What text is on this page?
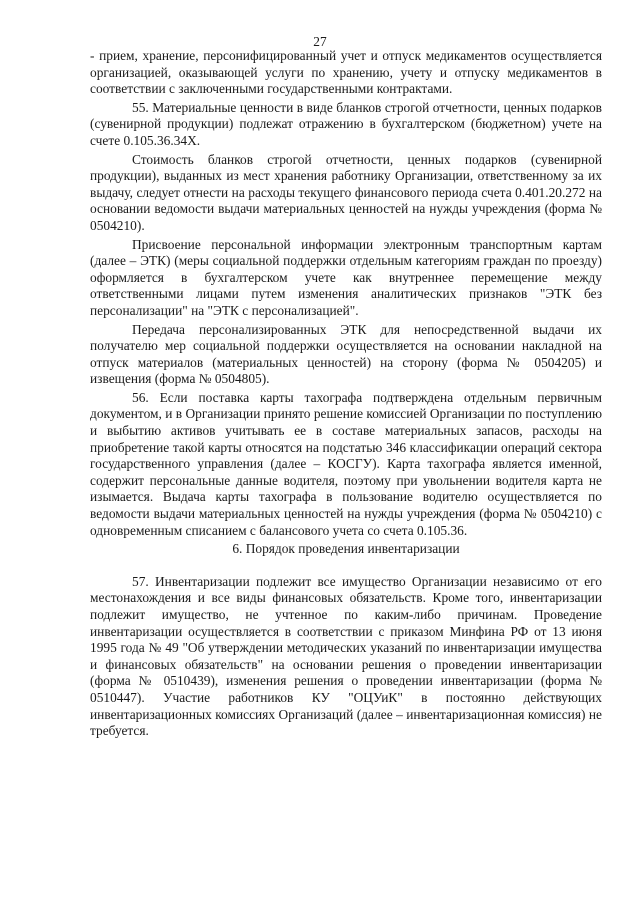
27

- прием, хранение, персонифицированный учет и отпуск медикаментов осуществляется организацией, оказывающей услуги по хранению, учету и отпуску медикаментов в соответствии с заключенными государственными контрактами.

55. Материальные ценности в виде бланков строгой отчетности, ценных подарков (сувенирной продукции) подлежат отражению в бухгалтерском (бюджетном) учете на счете 0.105.36.34Х.

Стоимость бланков строгой отчетности, ценных подарков (сувенирной продукции), выданных из мест хранения работнику Организации, ответственному за их выдачу, следует отнести на расходы текущего финансового периода счета 0.401.20.272 на основании ведомости выдачи материальных ценностей на нужды учреждения (форма № 0504210).

Присвоение персональной информации электронным транспортным картам (далее – ЭТК) (меры социальной поддержки отдельным категориям граждан по проезду) оформляется в бухгалтерском учете как внутреннее перемещение между ответственными лицами путем изменения аналитических признаков "ЭТК без персонализации" на "ЭТК с персонализацией".

Передача персонализированных ЭТК для непосредственной выдачи их получателю мер социальной поддержки осуществляется на основании накладной на отпуск материалов (материальных ценностей) на сторону (форма № 0504205) и извещения (форма № 0504805).

56. Если поставка карты тахографа подтверждена отдельным первичным документом, и в Организации принято решение комиссией Организации по поступлению и выбытию активов учитывать ее в составе материальных запасов, расходы на приобретение такой карты относятся на подстатью 346 классификации операций сектора государственного управления (далее – КОСГУ). Карта тахографа является именной, содержит персональные данные водителя, поэтому при увольнении водителя карта не изымается. Выдача карты тахографа в пользование водителю осуществляется по ведомости выдачи материальных ценностей на нужды учреждения (форма № 0504210) с одновременным списанием с балансового учета со счета 0.105.36.

6. Порядок проведения инвентаризации

57. Инвентаризации подлежит все имущество Организации независимо от его местонахождения и все виды финансовых обязательств. Кроме того, инвентаризации подлежит имущество, не учтенное по каким-либо причинам. Проведение инвентаризации осуществляется в соответствии с приказом Минфина РФ от 13 июня 1995 года № 49 "Об утверждении методических указаний по инвентаризации имущества и финансовых обязательств" на основании решения о проведении инвентаризации (форма № 0510439), изменения решения о проведении инвентаризации (форма № 0510447). Участие работников КУ "ОЦУиК" в постоянно действующих инвентаризационных комиссиях Организаций (далее – инвентаризационная комиссия) не требуется.
